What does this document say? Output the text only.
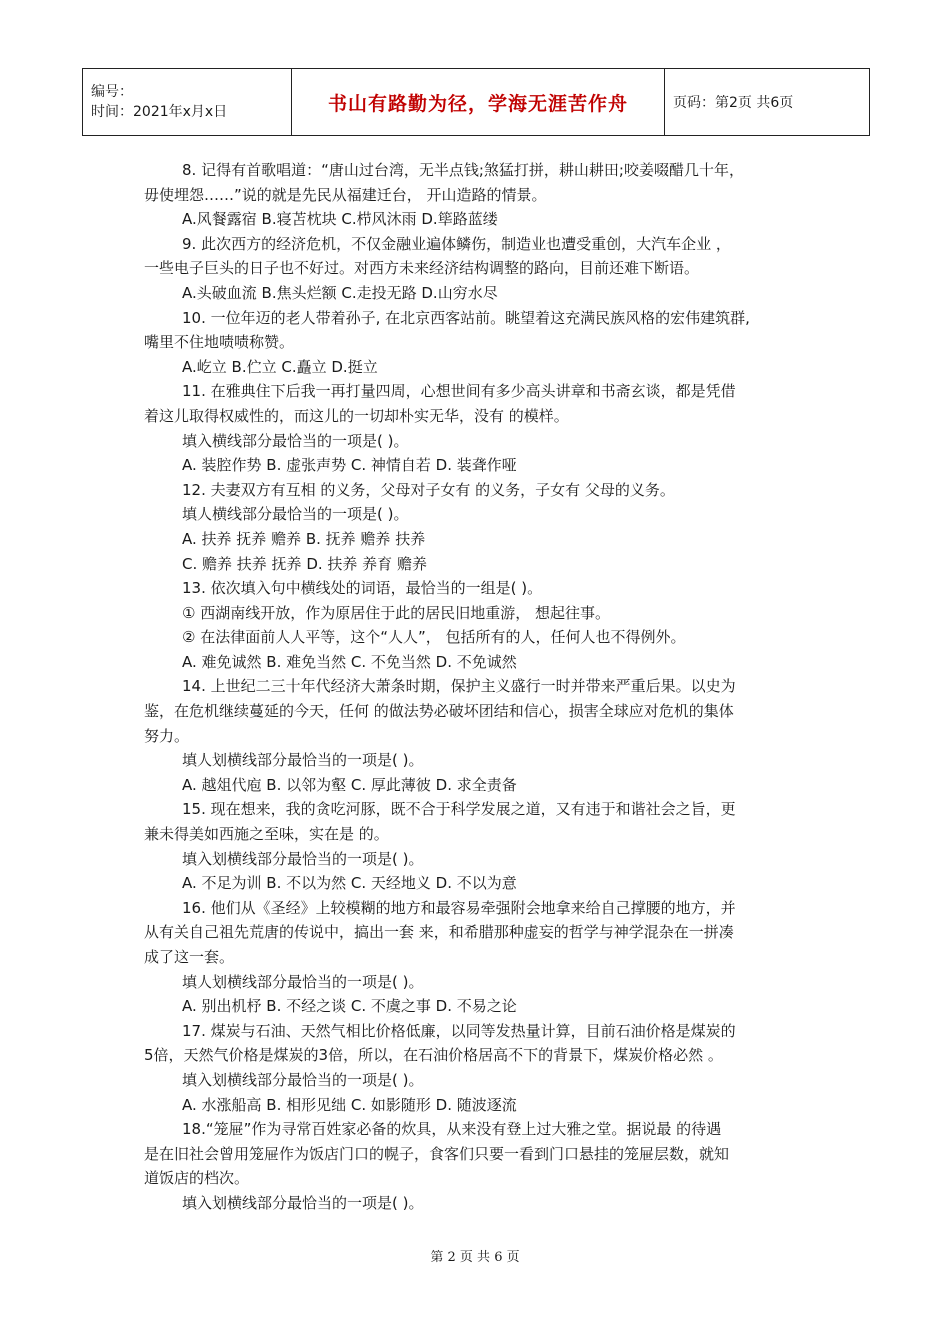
编号：
时间：2021年x月x日	书山有路勤为径，学海无涯苦作舟	页码：第2页 共6页

8. 记得有首歌唱道：“唐山过台湾，无半点钱;煞猛打拼，耕山耕田;咬姜啜醋几十年，

毋使埋怨……”说的就是先民从福建迁台， 开山造路的情景。

A.风餐露宿 B.寝苫枕块 C.栉风沐雨 D.筚路蓝缕

9. 此次西方的经济危机，不仅金融业遍体鳞伤，制造业也遭受重创，大汽车企业 ，

一些电子巨头的日子也不好过。对西方未来经济结构调整的路向，目前还难下断语。

A.头破血流 B.焦头烂额 C.走投无路 D.山穷水尽

10. 一位年迈的老人带着孙子, 在北京西客站前。眺望着这充满民族风格的宏伟建筑群,

嘴里不住地啧啧称赞。

A.屹立 B.伫立 C.矗立 D.挺立

11. 在雅典住下后我一再打量四周，心想世间有多少高头讲章和书斋玄谈，都是凭借

着这儿取得权威性的，而这儿的一切却朴实无华，没有 的模样。

填入横线部分最恰当的一项是( )。

A. 装腔作势 B. 虚张声势 C. 神情自若 D. 装聋作哑

12. 夫妻双方有互相 的义务，父母对子女有 的义务，子女有 父母的义务。

填人横线部分最恰当的一项是( )。

A. 扶养 抚养 赡养 B. 抚养 赡养 扶养

C. 赡养 扶养 抚养 D. 扶养 养育 赡养

13. 依次填入句中横线处的词语，最恰当的一组是( )。

① 西湖南线开放，作为原居住于此的居民旧地重游， 想起往事。

② 在法律面前人人平等，这个“人人”， 包括所有的人，任何人也不得例外。

A. 难免诚然 B. 难免当然 C. 不免当然 D. 不免诚然

14. 上世纪二三十年代经济大萧条时期，保护主义盛行一时并带来严重后果。以史为

鉴，在危机继续蔓延的今天，任何 的做法势必破坏团结和信心，损害全球应对危机的集体

努力。

填人划横线部分最恰当的一项是( )。

A. 越俎代庖 B. 以邻为壑 C. 厚此薄彼 D. 求全责备

15. 现在想来，我的贪吃河豚，既不合于科学发展之道，又有违于和谐社会之旨，更

兼未得美如西施之至味，实在是 的。

填入划横线部分最恰当的一项是( )。

A. 不足为训 B. 不以为然 C. 天经地义 D. 不以为意

16. 他们从《圣经》上较模糊的地方和最容易牵强附会地拿来给自己撑腰的地方，并

从有关自己祖先荒唐的传说中，搞出一套 来，和希腊那种虚妄的哲学与神学混杂在一拼凑

成了这一套。

填人划横线部分最恰当的一项是( )。

A. 别出机杼 B. 不经之谈 C. 不虞之事 D. 不易之论

17. 煤炭与石油、天然气相比价格低廉，以同等发热量计算，目前石油价格是煤炭的

5倍，天然气价格是煤炭的3倍，所以，在石油价格居高不下的背景下，煤炭价格必然 。

填入划横线部分最恰当的一项是( )。

A. 水涨船高 B. 相形见绌 C. 如影随形 D. 随波逐流

18.“笼屉”作为寻常百姓家必备的炊具，从来没有登上过大雅之堂。据说最 的待遇

是在旧社会曾用笼屉作为饭店门口的幌子，食客们只要一看到门口悬挂的笼屉层数，就知

道饭店的档次。

填入划横线部分最恰当的一项是( )。

第 2 页 共 6 页
